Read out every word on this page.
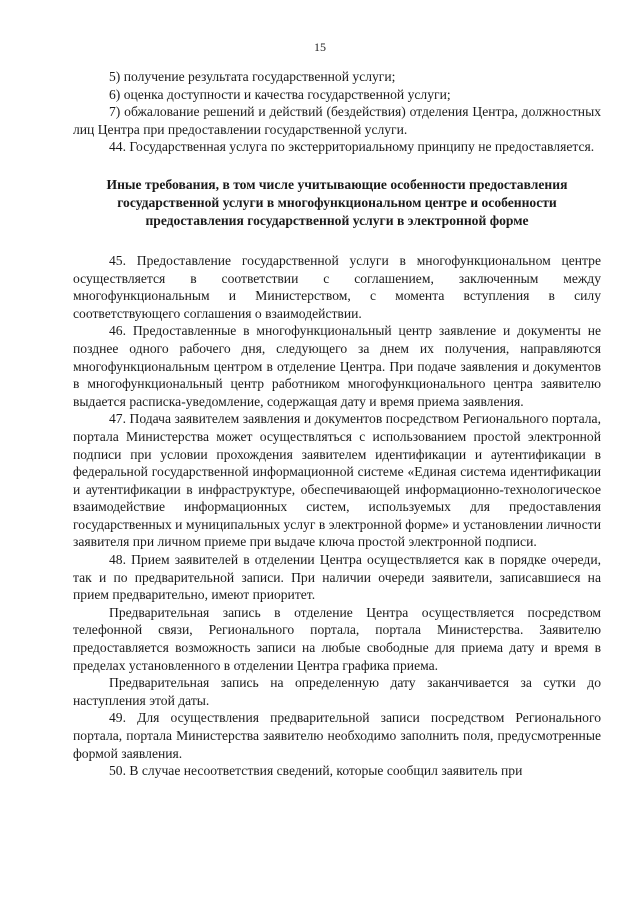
15

5) получение результата государственной услуги;

6) оценка доступности и качества государственной услуги;

7) обжалование решений и действий (бездействия) отделения Центра, должностных лиц Центра при предоставлении государственной услуги.

44. Государственная услуга по экстерриториальному принципу не предоставляется.

Иные требования, в том числе учитывающие особенности предоставления государственной услуги в многофункциональном центре и особенности предоставления государственной услуги в электронной форме

45. Предоставление государственной услуги в многофункциональном центре осуществляется в соответствии с соглашением, заключенным между многофункциональным и Министерством, с момента вступления в силу соответствующего соглашения о взаимодействии.

46. Предоставленные в многофункциональный центр заявление и документы не позднее одного рабочего дня, следующего за днем их получения, направляются многофункциональным центром в отделение Центра. При подаче заявления и документов в многофункциональный центр работником многофункционального центра заявителю выдается расписка-уведомление, содержащая дату и время приема заявления.

47. Подача заявителем заявления и документов посредством Регионального портала, портала Министерства может осуществляться с использованием простой электронной подписи при условии прохождения заявителем идентификации и аутентификации в федеральной государственной информационной системе «Единая система идентификации и аутентификации в инфраструктуре, обеспечивающей информационно-технологическое взаимодействие информационных систем, используемых для предоставления государственных и муниципальных услуг в электронной форме» и установлении личности заявителя при личном приеме при выдаче ключа простой электронной подписи.

48. Прием заявителей в отделении Центра осуществляется как в порядке очереди, так и по предварительной записи. При наличии очереди заявители, записавшиеся на прием предварительно, имеют приоритет.

Предварительная запись в отделение Центра осуществляется посредством телефонной связи, Регионального портала, портала Министерства. Заявителю предоставляется возможность записи на любые свободные для приема дату и время в пределах установленного в отделении Центра графика приема.

Предварительная запись на определенную дату заканчивается за сутки до наступления этой даты.

49. Для осуществления предварительной записи посредством Регионального портала, портала Министерства заявителю необходимо заполнить поля, предусмотренные формой заявления.

50. В случае несоответствия сведений, которые сообщил заявитель при
